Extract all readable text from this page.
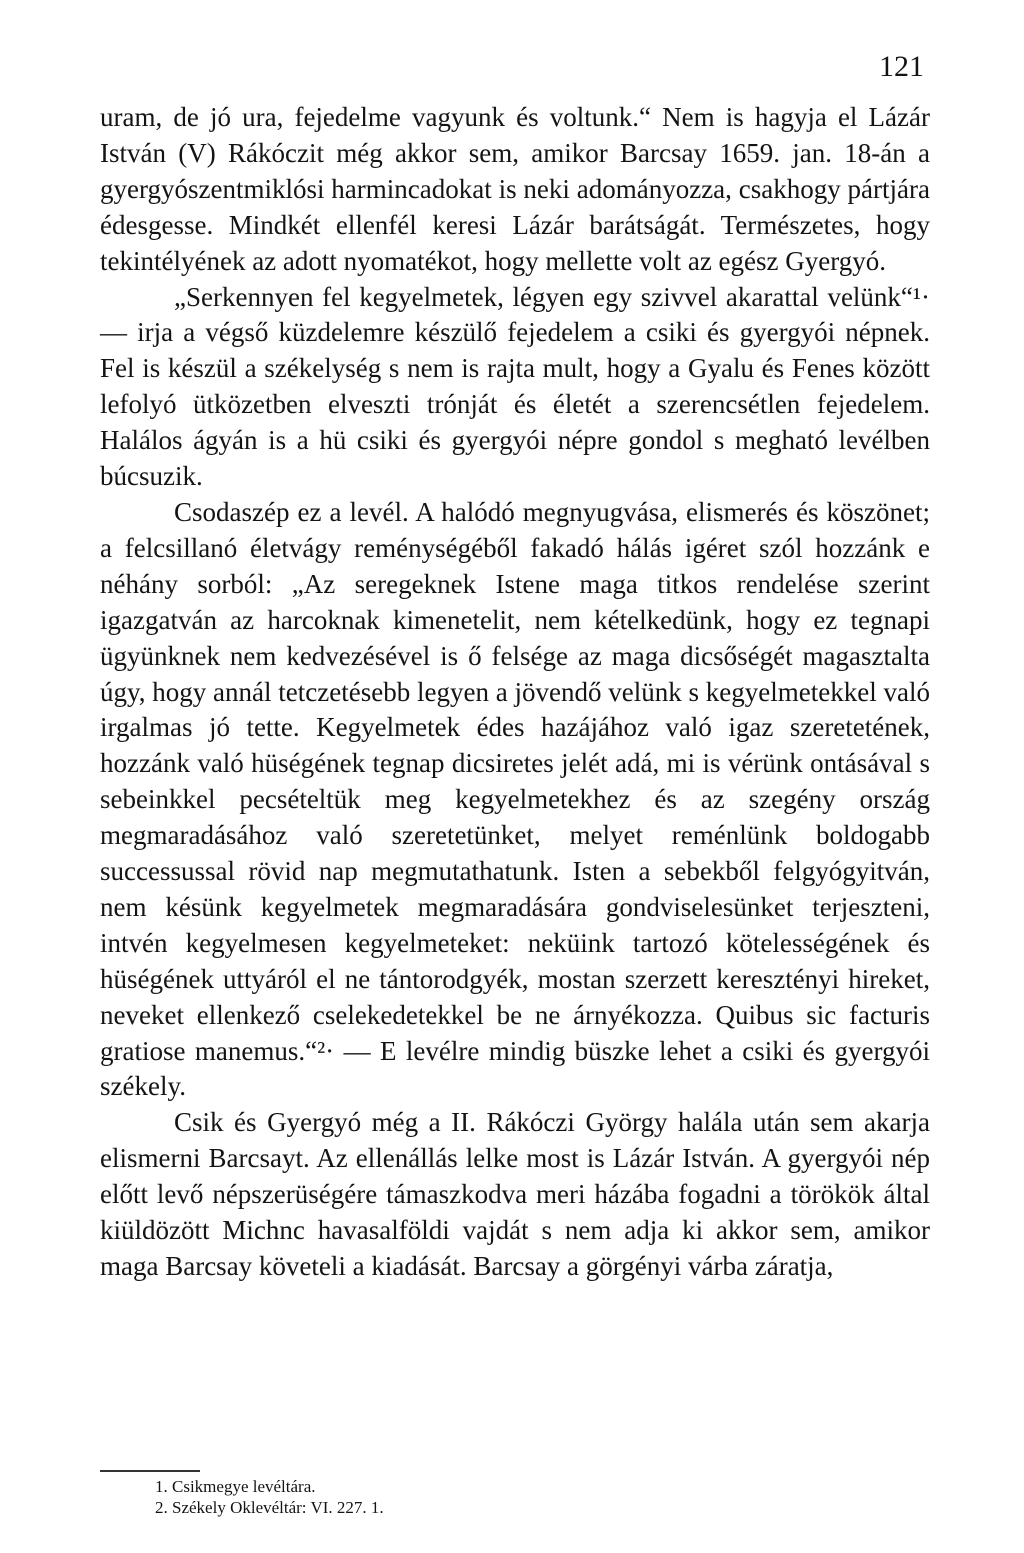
121

uram, de jó ura, fejedelme vagyunk és voltunk.“ Nem is hagyja el Lázár István (V) Rákóczit még akkor sem, amikor Barcsay 1659. jan. 18-án a gyergyószentmiklósi harmincadokat is neki adományozza, csakhogy pártjára édesgesse. Mindkét ellenfél keresi Lázár barátságát. Természetes, hogy tekintélyének az adott nyomatékot, hogy mellette volt az egész Gyergyó.

„Serkennyen fel kegyelmetek, légyen egy szivvel akarattal velünk“¹· — irja a végső küzdelemre készülő fejedelem a csiki és gyergyói népnek. Fel is készül a székelység s nem is rajta mult, hogy a Gyalu és Fenes között lefolyó ütközetben elveszti trónját és életét a szerencsétlen fejedelem. Halálos ágyán is a hü csiki és gyergyói népre gondol s megható levélben búcsuzik.

Csodaszép ez a levél. A halódó megnyugvása, elismerés és köszönet; a felcsillanó életvágy reménységéből fakadó hálás igéret szól hozzánk e néhány sorból: „Az seregeknek Istene maga titkos rendelése szerint igazgatván az harcoknak kimenetelit, nem kételkedünk, hogy ez tegnapi ügyünknek nem kedvezésével is ő felsége az maga dicsőségét magasztalta úgy, hogy annál tetczetésebb legyen a jövendő velünk s kegyelmetekkel való irgalmas jó tette. Kegyelmetek édes hazájához való igaz szeretetének, hozzánk való hüségének tegnap dicsiretes jelét adá, mi is vérünk ontásával s sebeinkkel pecsételtük meg kegyelmetekhez és az szegény ország megmaradásához való szeretetünket, melyet reménlünk boldogabb successussal rövid nap megmutathatunk. Isten a sebekből felgyógyitván, nem késünk kegyelmetek megmaradására gondviselesünket terjeszteni, intvén kegyelmesen kegyelmeteket: neküink tartozó kötelességének és hüségének uttyáról el ne tántorodgyék, mostan szerzett keresztényi hireket, neveket ellenkező cselekedetekkel be ne árnyékozza. Quibus sic facturis gratiose manemus.“²· — E levélre mindig büszke lehet a csiki és gyergyói székely.

Csik és Gyergyó még a II. Rákóczi György halála után sem akarja elismerni Barcsayt. Az ellenállás lelke most is Lázár István. A gyergyói nép előtt levő népszerüségére támaszkodva meri házába fogadni a törökök által kiüldözött Michnc havasalföldi vajdát s nem adja ki akkor sem, amikor maga Barcsay követeli a kiadását. Barcsay a görgényi várba záratja,

1. Csikmegye levéltára.
2. Székely Oklevéltár: VI. 227. 1.
